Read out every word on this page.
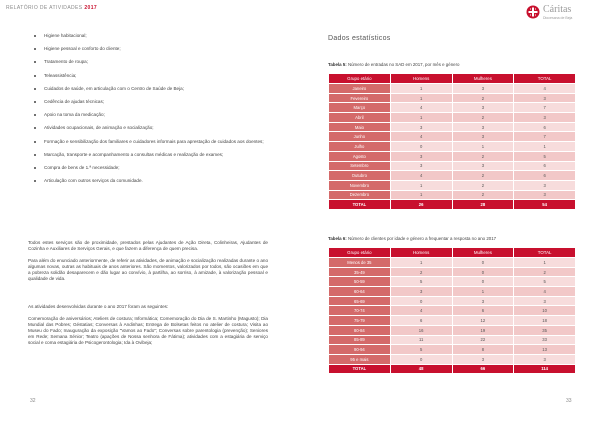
RELATÓRIO DE ATIVIDADES 2017	Cáritas
Diocesana de Beja
Higiene habitacional;
Higiene pessoal e conforto do cliente;
Tratamento de roupa;
Teleassistência;
Cuidados de saúde, em articulação com o Centro de Saúde de Beja;
Cedência de ajudas técnicas;
Apoio na toma da medicação;
Atividades ocupacionais, de animação e socialização;
Formação e sensibilização dos familiares e cuidadores informais para aprestação de cuidados aos doentes;
Marcação, transporte e acompanhamento a consultas médicas e realização de exames;
Compra de bens de 1.ª necessidade;
Articulação com outros serviços da comunidade.

Todos estes serviços são de proximidade, prestados pelas Ajudantes de Ação Direta, Colinheiras, Ajudantes de Cozinha e Auxiliares de Serviços Gerais, e que fazem a diferença de quem precisa.

Para além do enunciado anteriormente, de referir as atividades, de animação e socialização realizadas durante o ano algumas novas, outras as habituais de anos anteriores. São momentos, valorizados por todos, são ocasiões em que a pobreza solidão desaparecem e dão lugar ao convívio, à partilha, ao sorriso, à amizade, à valorização pessoal e qualidade de vida.

As atividades desenvolvidas durante o ano 2017 foram as seguintes:

Comemoração de aniversários; Ateliers de costura; Informática; Comemoração do Dia de S. Martinho (Magusto); Dia Mundial das Pobres; Géstatias; Conversas à Andinhas; Entrega de Bolsetas feitos no atelier de costura; Visita ao Museu do Fado; Inauguração da exposição "Vamos ao Fado"; Conversas sobre parentologia (prevenção); Seniores em Rede; Semana Sénior; Teatro (apações de Nossa senhora de Fátima); atividades com a estagiária de serviço social e coma estagiária de Psicogerontologia; Ida à Ovibeja;

32
Dados estatísticos
Tabela 5: Número de entradas no SAD em 2017, por mês e género
Grupo etário	Homens	Mulheres	TOTAL
Janeiro	1	3	4
Fevereiro	1	2	3
Março	4	3	7
Abril	1	2	3
Maio	3	3	6
Junho	4	3	7
Julho	0	1	1
Agosto	3	2	5
Setembro	3	3	6
Outubro	4	2	6
Novembro	1	2	3
Dezembro	1	2	3
TOTAL	26	28	54
Tabela 6: Número de clientes por idade e género a frequentar a resposta no ano 2017
Grupo etário	Homens	Mulheres	TOTAL
Menos de 35	1	0	1
35-49	2	0	2
50-59	5	0	5
60-64	3	1	4
65-69	0	3	3
70-74	4	6	10
75-79	6	12	18
80-84	16	19	35
85-89	11	22	33
90-94	5	8	13
95 e mais	0	3	3
TOTAL	48	66	114
33
